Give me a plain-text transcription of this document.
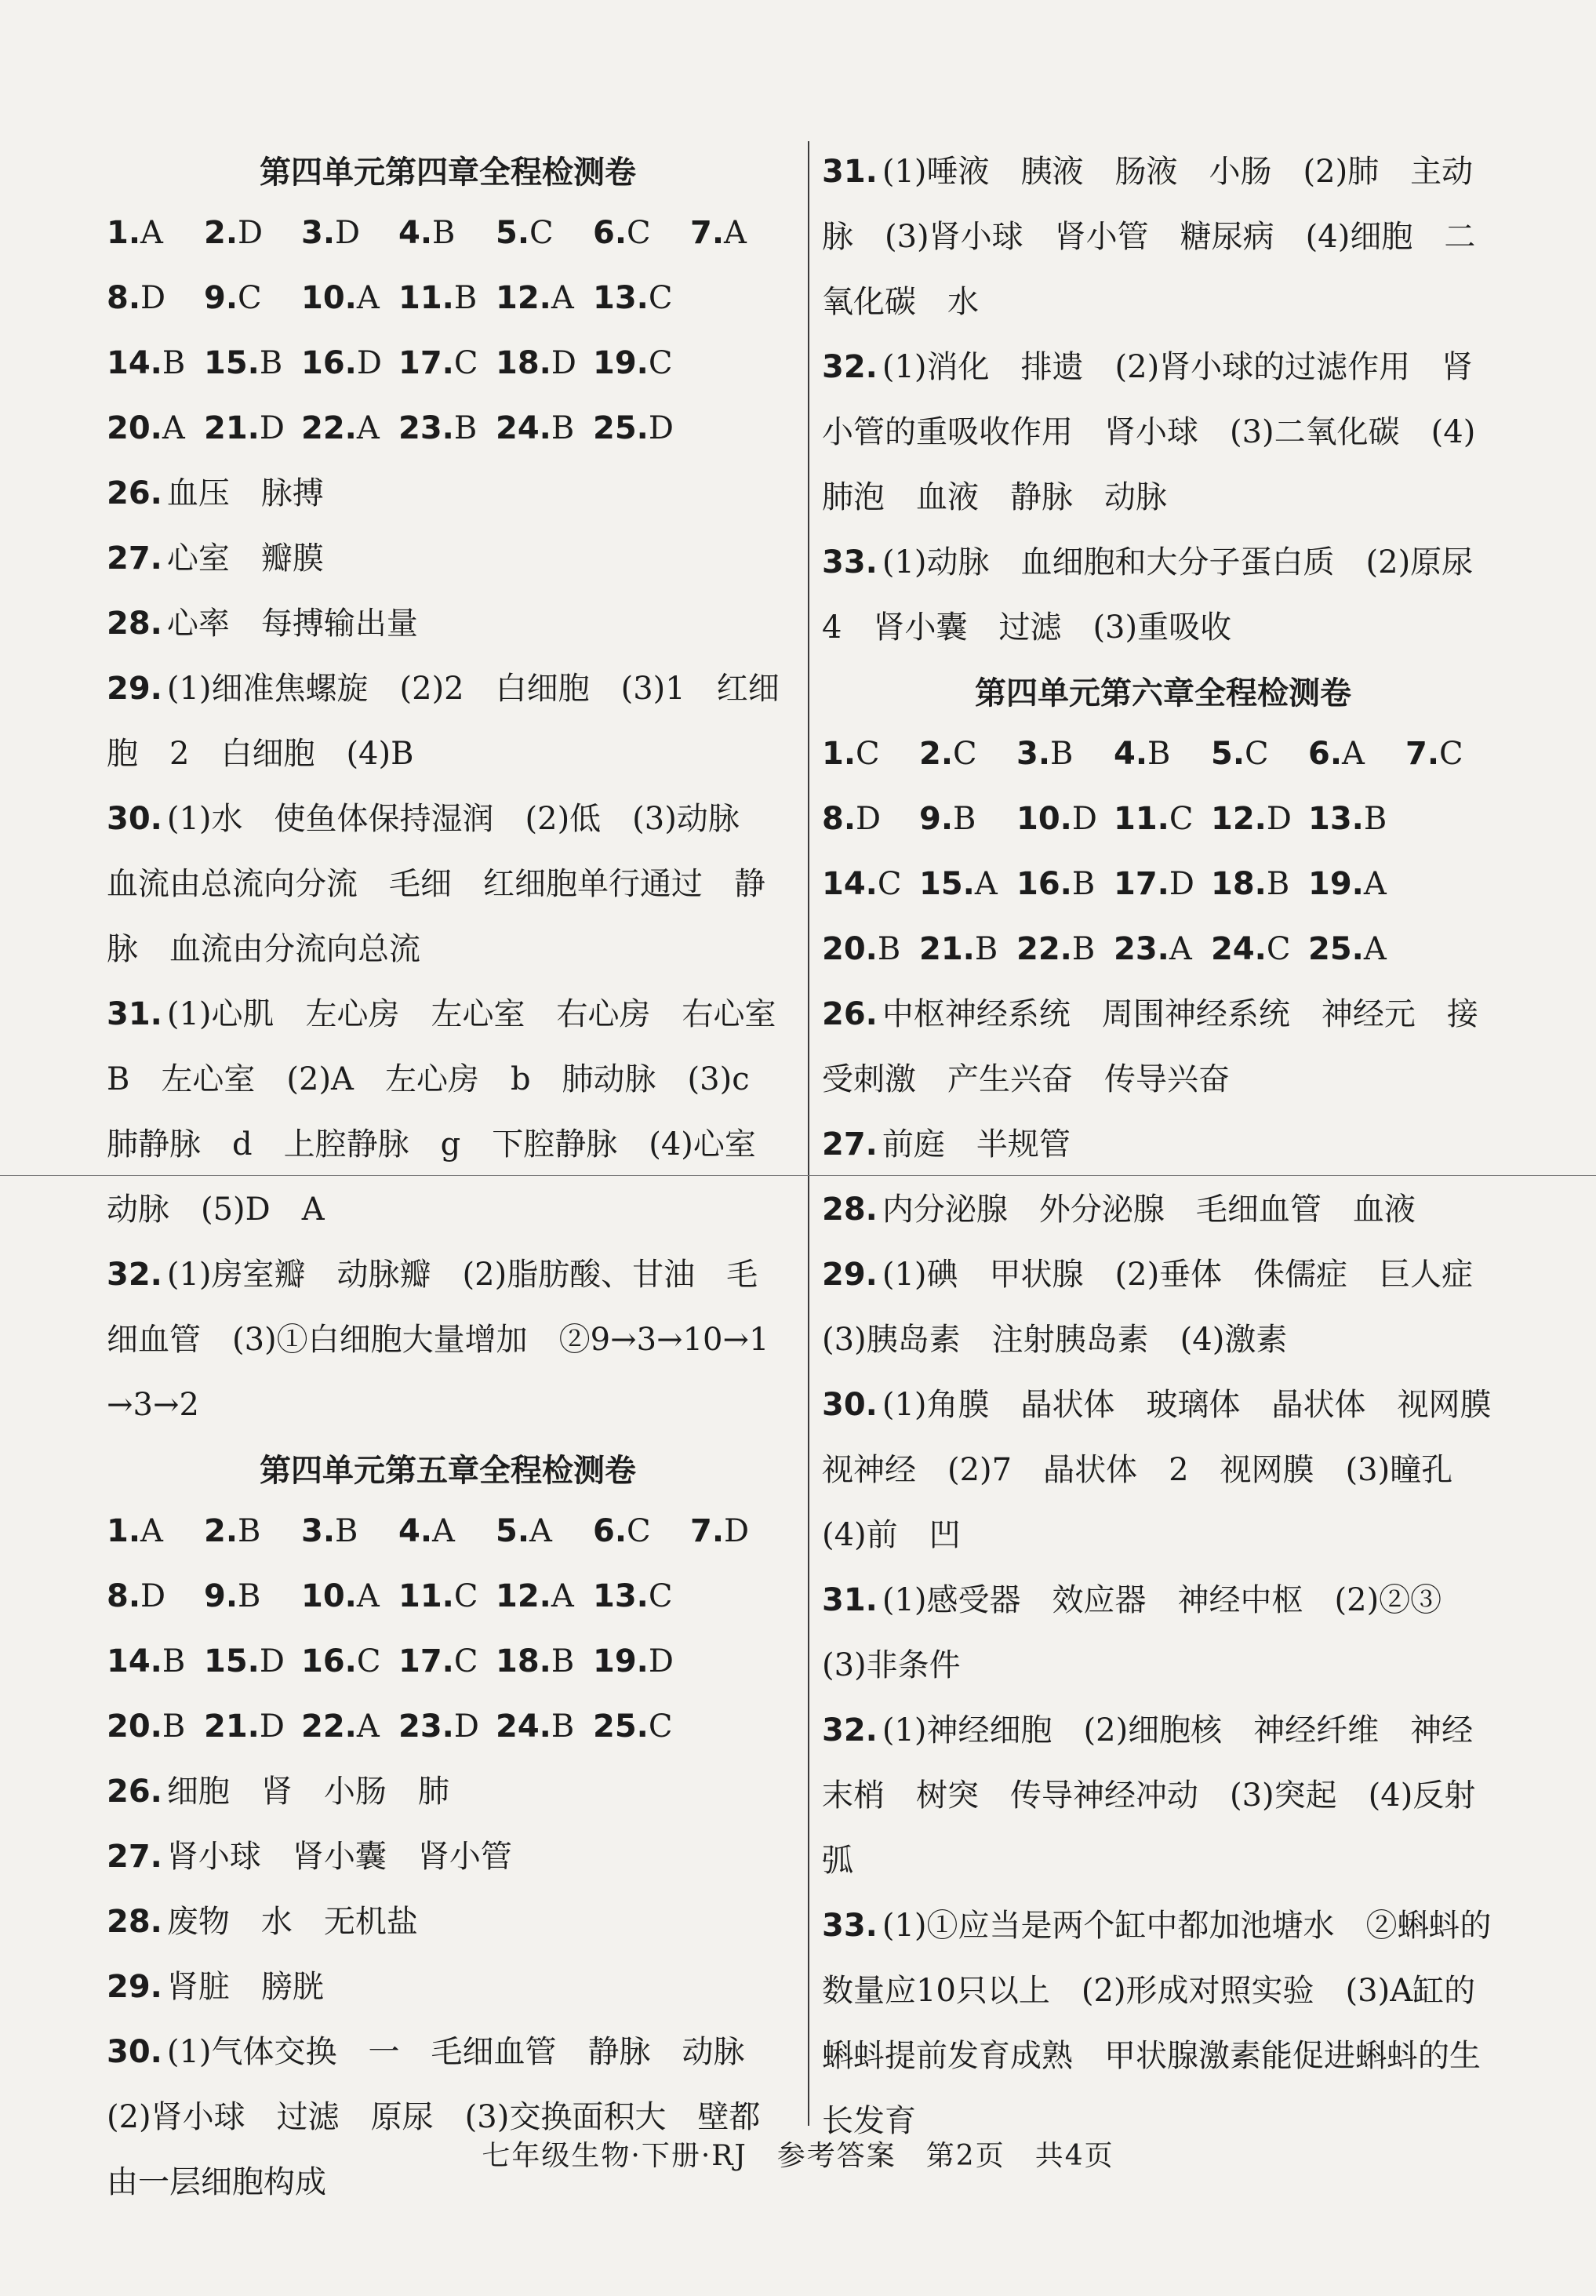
第四单元第四章全程检测卷
1.A 2.D 3.D 4.B 5.C 6.C 7.A
8.D 9.C 10.A 11.B 12.A 13.C
14.B 15.B 16.D 17.C 18.D 19.C
20.A 21.D 22.A 23.B 24.B 25.D
26. 血压　脉搏
27. 心室　瓣膜
28. 心率　每搏输出量
29. (1)细准焦螺旋　(2)2　白细胞　(3)1　红细胞　2　白细胞　(4)B
30. (1)水　使鱼体保持湿润　(2)低　(3)动脉　血流由总流向分流　毛细　红细胞单行通过　静脉　血流由分流向总流
31. (1)心肌　左心房　左心室　右心房　右心室　B　左心室　(2)A　左心房　b　肺动脉　(3)c　肺静脉　d　上腔静脉　g　下腔静脉　(4)心室　动脉　(5)D　A
32. (1)房室瓣　动脉瓣　(2)脂肪酸、甘油　毛细血管　(3)①白细胞大量增加　②9→3→10→1→3→2
第四单元第五章全程检测卷
1.A 2.B 3.B 4.A 5.A 6.C 7.D
8.D 9.B 10.A 11.C 12.A 13.C
14.B 15.D 16.C 17.C 18.B 19.D
20.B 21.D 22.A 23.D 24.B 25.C
26. 细胞　肾　小肠　肺
27. 肾小球　肾小囊　肾小管
28. 废物　水　无机盐
29. 肾脏　膀胱
30. (1)气体交换　一　毛细血管　静脉　动脉　(2)肾小球　过滤　原尿　(3)交换面积大　壁都由一层细胞构成
31. (1)唾液　胰液　肠液　小肠　(2)肺　主动脉　(3)肾小球　肾小管　糖尿病　(4)细胞　二氧化碳　水
32. (1)消化　排遗　(2)肾小球的过滤作用　肾小管的重吸收作用　肾小球　(3)二氧化碳　(4)肺泡　血液　静脉　动脉
33. (1)动脉　血细胞和大分子蛋白质　(2)原尿　4　肾小囊　过滤　(3)重吸收
第四单元第六章全程检测卷
1.C 2.C 3.B 4.B 5.C 6.A 7.C
8.D 9.B 10.D 11.C 12.D 13.B
14.C 15.A 16.B 17.D 18.B 19.A
20.B 21.B 22.B 23.A 24.C 25.A
26. 中枢神经系统　周围神经系统　神经元　接受刺激　产生兴奋　传导兴奋
27. 前庭　半规管
28. 内分泌腺　外分泌腺　毛细血管　血液
29. (1)碘　甲状腺　(2)垂体　侏儒症　巨人症　(3)胰岛素　注射胰岛素　(4)激素
30. (1)角膜　晶状体　玻璃体　晶状体　视网膜　视神经　(2)7　晶状体　2　视网膜　(3)瞳孔　(4)前　凹
31. (1)感受器　效应器　神经中枢　(2)②③　(3)非条件
32. (1)神经细胞　(2)细胞核　神经纤维　神经末梢　树突　传导神经冲动　(3)突起　(4)反射弧
33. (1)①应当是两个缸中都加池塘水　②蝌蚪的数量应10只以上　(2)形成对照实验　(3)A缸的蝌蚪提前发育成熟　甲状腺激素能促进蝌蚪的生长发育
七年级生物·下册·RJ　参考答案　第2页　共4页
